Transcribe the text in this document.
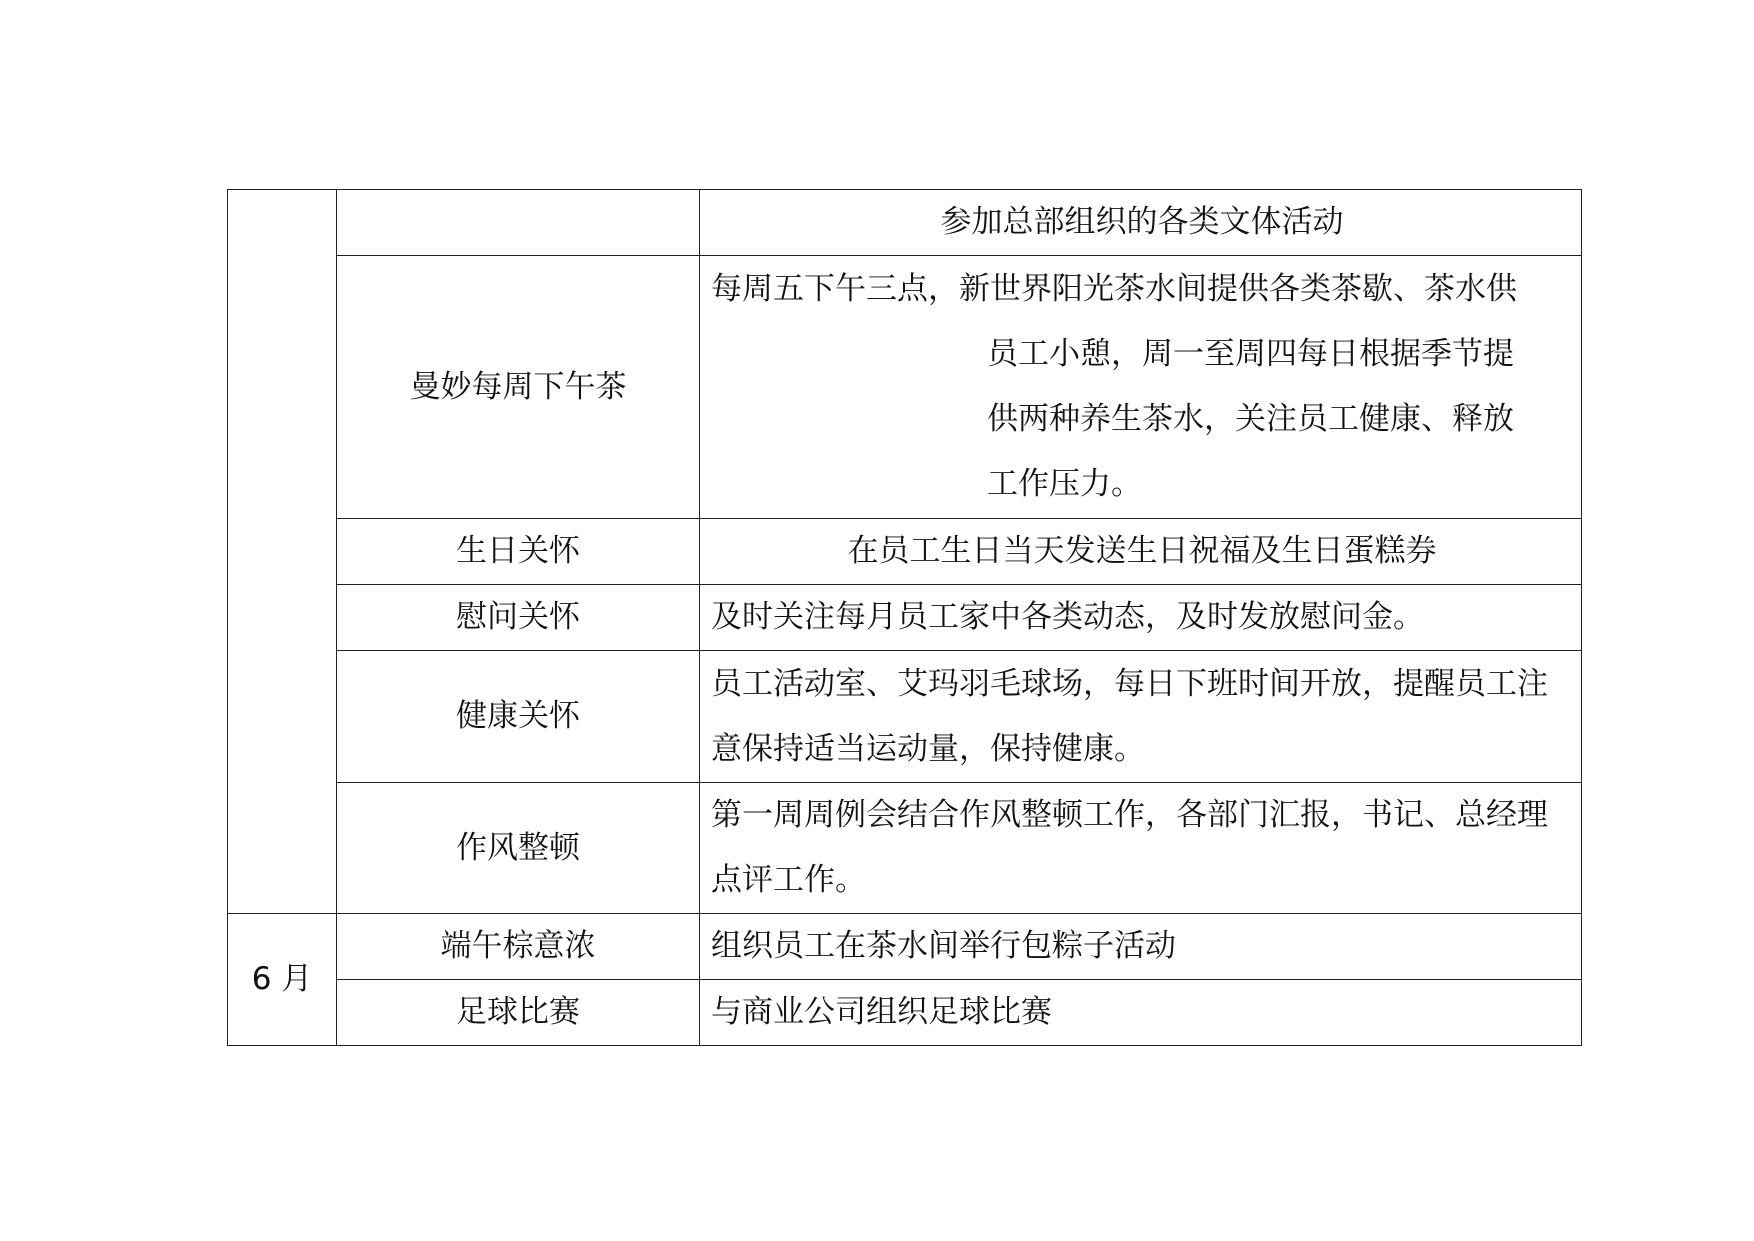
		参加总部组织的各类文体活动
	曼妙每周下午茶	每周五下午三点，新世界阳光茶水间提供各类茶歇、茶水供
员工小憩，周一至周四每日根据季节提
供两种养生茶水，关注员工健康、释放
工作压力。

	生日关怀	在员工生日当天发送生日祝福及生日蛋糕券
	慰问关怀	及时关注每月员工家中各类动态，及时发放慰问金。
	健康关怀	员工活动室、艾玛羽毛球场，每日下班时间开放，提醒员工注意保持适当运动量，保持健康。
	作风整顿	第一周周例会结合作风整顿工作，各部门汇报，书记、总经理点评工作。
6 月	端午棕意浓	组织员工在茶水间举行包粽子活动
	足球比赛	与商业公司组织足球比赛
